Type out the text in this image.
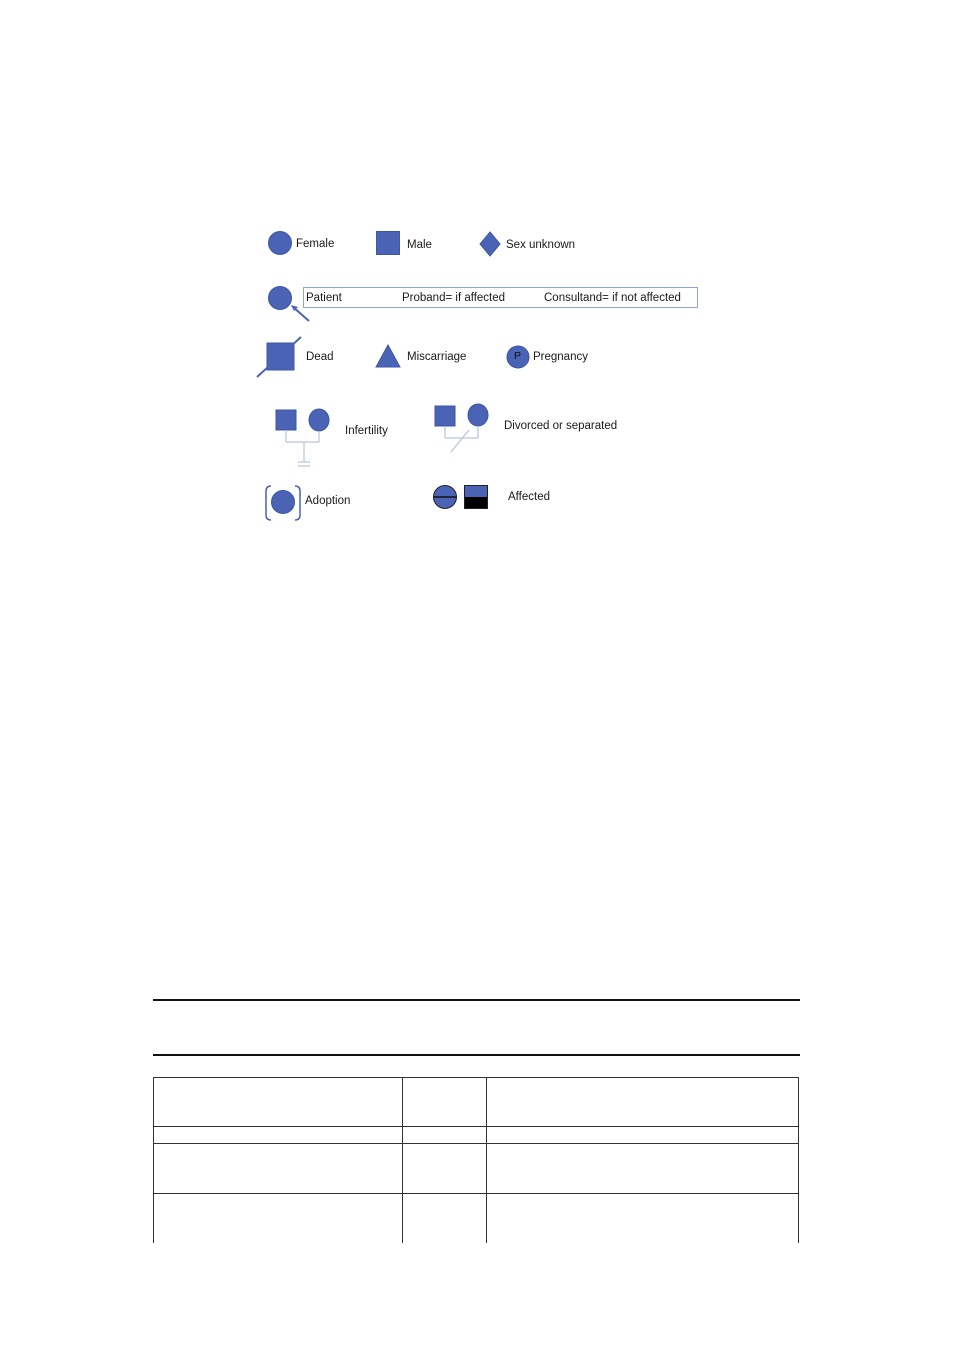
Female	Male	Sex unknown
Patient	Proband= if affected	Consultand= if not affected
Dead	Miscarriage	P Pregnancy
Infertility	Divorced or separated
Adoption	Affected
